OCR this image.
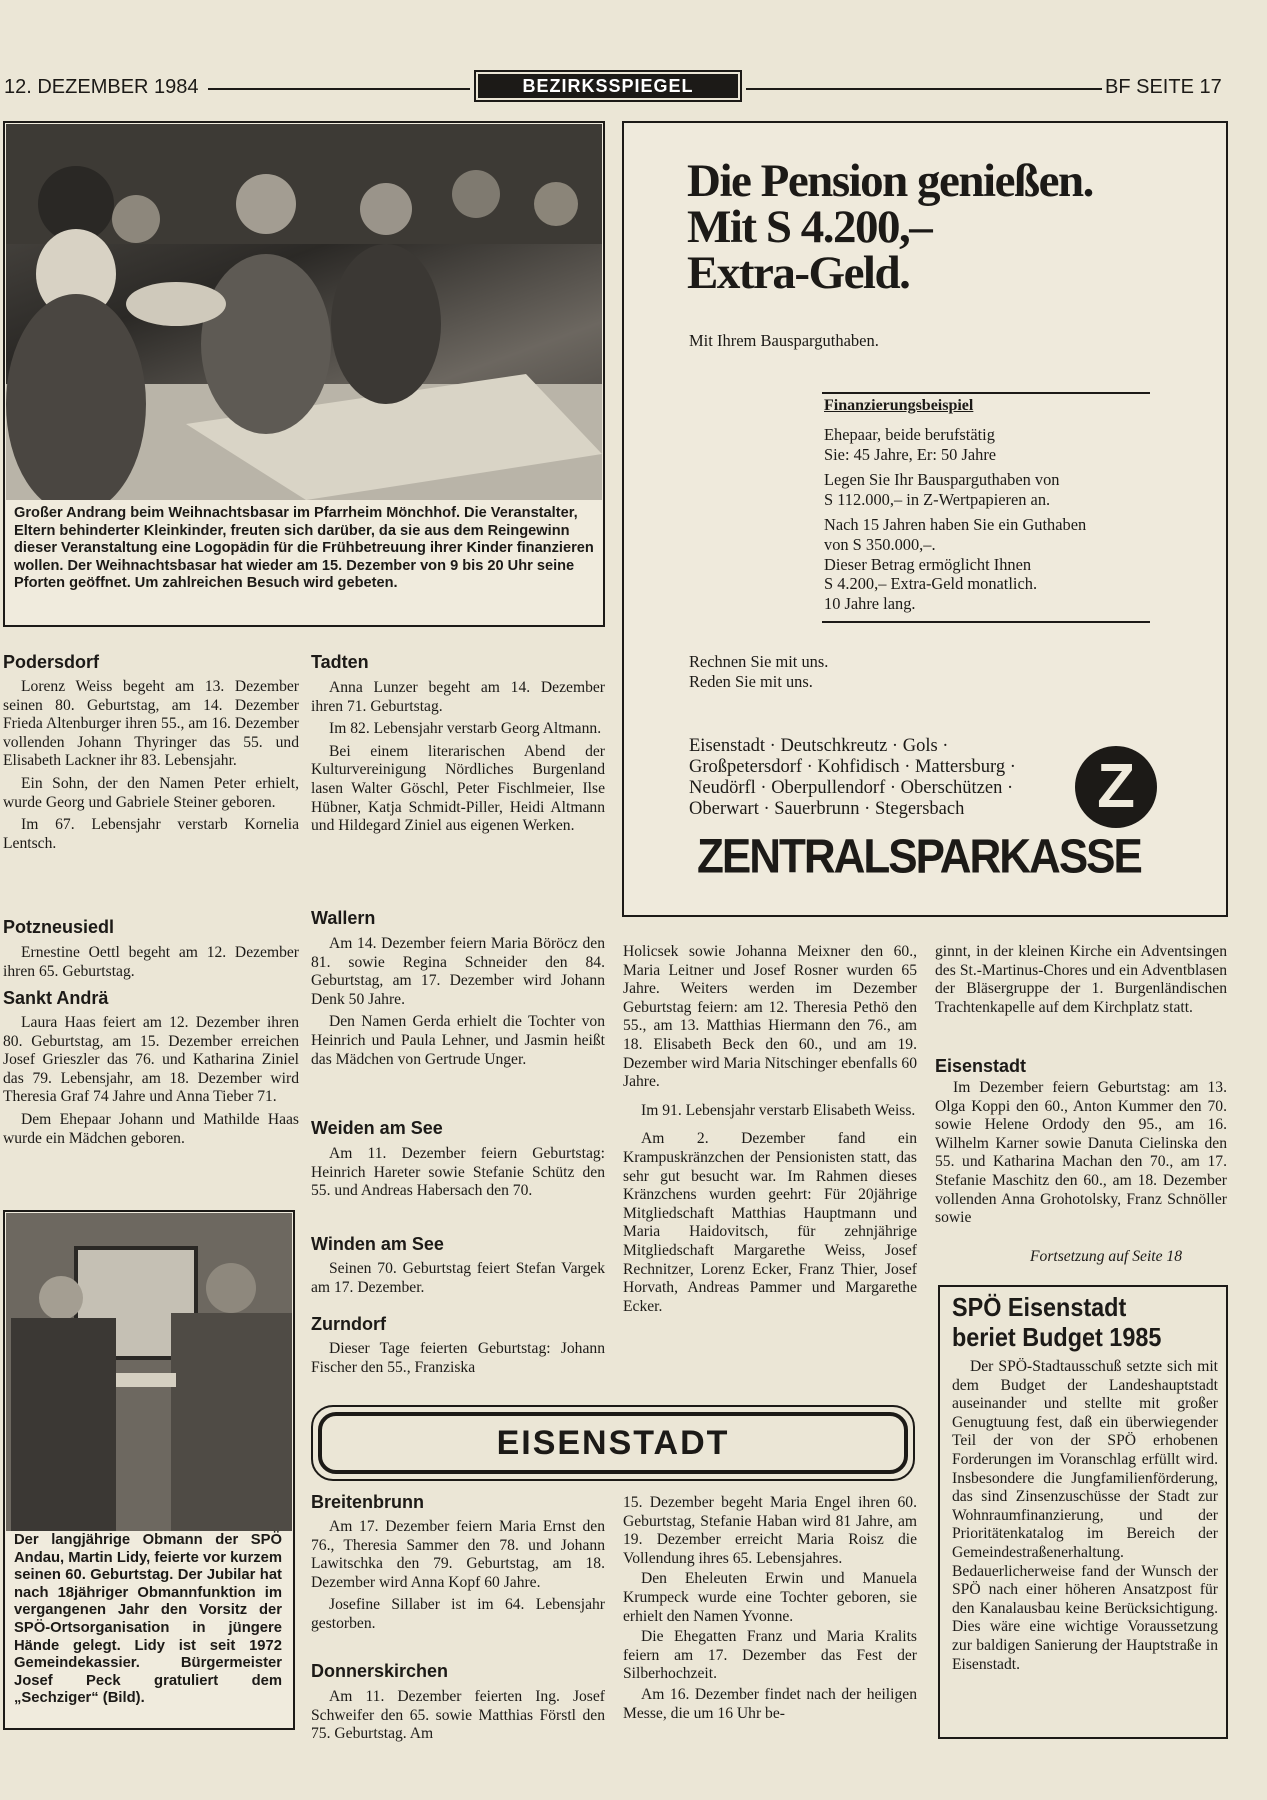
12. DEZEMBER 1984	BEZIRKSSPIEGEL	BF SEITE 17
Großer Andrang beim Weihnachtsbasar im Pfarrheim Mönchhof. Die Veranstalter, Eltern behinderter Kleinkinder, freuten sich darüber, da sie aus dem Reingewinn dieser Veranstaltung eine Logopädin für die Frühbetreuung ihrer Kinder finanzieren wollen. Der Weihnachtsbasar hat wieder am 15. Dezember von 9 bis 20 Uhr seine Pforten geöffnet. Um zahlreichen Besuch wird gebeten.
Die Pension genießen.
Mit S 4.200,–
Extra-Geld.
Mit Ihrem Bausparguthaben.
Finanzierungsbeispiel
Ehepaar, beide berufstätig
Sie: 45 Jahre, Er: 50 Jahre
Legen Sie Ihr Bausparguthaben von
S 112.000,– in Z-Wertpapieren an.
Nach 15 Jahren haben Sie ein Guthaben
von S 350.000,–.
Dieser Betrag ermöglicht Ihnen
S 4.200,– Extra-Geld monatlich.
10 Jahre lang.
Rechnen Sie mit uns.
Reden Sie mit uns.
Eisenstadt · Deutschkreutz · Gols ·
Großpetersdorf · Kohfidisch · Mattersburg ·
Neudörfl · Oberpullendorf · Oberschützen ·
Oberwart · Sauerbrunn · Stegersbach	Z
ZENTRALSPARKASSE
Podersdorf

Lorenz Weiss begeht am 13. Dezember seinen 80. Geburtstag, am 14. Dezember Frieda Altenburger ihren 55., am 16. Dezember vollenden Johann Thyringer das 55. und Elisabeth Lackner ihr 83. Lebensjahr.

Ein Sohn, der den Namen Peter erhielt, wurde Georg und Gabriele Steiner geboren.

Im 67. Lebensjahr verstarb Kornelia Lentsch.

Potzneusiedl

Ernestine Oettl begeht am 12. Dezember ihren 65. Geburtstag.

Sankt Andrä

Laura Haas feiert am 12. Dezember ihren 80. Geburtstag, am 15. Dezember erreichen Josef Grieszler das 76. und Katharina Ziniel das 79. Lebensjahr, am 18. Dezember wird Theresia Graf 74 Jahre und Anna Tieber 71.

Dem Ehepaar Johann und Mathilde Haas wurde ein Mädchen geboren.

Der langjährige Obmann der SPÖ Andau, Martin Lidy, feierte vor kurzem seinen 60. Geburtstag. Der Jubilar hat nach 18jähriger Obmannfunktion im vergangenen Jahr den Vorsitz der SPÖ-Ortsorganisation in jüngere Hände gelegt. Lidy ist seit 1972 Gemeindekassier. Bürgermeister Josef Peck gratuliert dem „Sechziger“ (Bild).
Tadten

Anna Lunzer begeht am 14. Dezember ihren 71. Geburtstag.

Im 82. Lebensjahr verstarb Georg Altmann.

Bei einem literarischen Abend der Kulturvereinigung Nördliches Burgenland lasen Walter Göschl, Peter Fischlmeier, Ilse Hübner, Katja Schmidt-Piller, Heidi Altmann und Hildegard Ziniel aus eigenen Werken.

Wallern

Am 14. Dezember feiern Maria Böröcz den 81. sowie Regina Schneider den 84. Geburtstag, am 17. Dezember wird Johann Denk 50 Jahre.

Den Namen Gerda erhielt die Tochter von Heinrich und Paula Lehner, und Jasmin heißt das Mädchen von Gertrude Unger.

Weiden am See

Am 11. Dezember feiern Geburtstag: Heinrich Hareter sowie Stefanie Schütz den 55. und Andreas Habersach den 70.

Winden am See

Seinen 70. Geburtstag feiert Stefan Vargek am 17. Dezember.

Zurndorf

Dieser Tage feierten Geburtstag: Johann Fischer den 55., Franziska

Holicsek sowie Johanna Meixner den 60., Maria Leitner und Josef Rosner wurden 65 Jahre. Weiters werden im Dezember Geburtstag feiern: am 12. Theresia Pethö den 55., am 13. Matthias Hiermann den 76., am 18. Elisabeth Beck den 60., und am 19. Dezember wird Maria Nitschinger ebenfalls 60 Jahre.

Im 91. Lebensjahr verstarb Elisabeth Weiss.

Am 2. Dezember fand ein Krampuskränzchen der Pensionisten statt, das sehr gut besucht war. Im Rahmen dieses Kränzchens wurden geehrt: Für 20jährige Mitgliedschaft Matthias Hauptmann und Maria Haidovitsch, für zehnjährige Mitgliedschaft Margarethe Weiss, Josef Rechnitzer, Lorenz Ecker, Franz Thier, Josef Horvath, Andreas Pammer und Margarethe Ecker.

ginnt, in der kleinen Kirche ein Adventsingen des St.-Martinus-Chores und ein Adventblasen der Bläsergruppe der 1. Burgenländischen Trachtenkapelle auf dem Kirchplatz statt.

Eisenstadt

Im Dezember feiern Geburtstag: am 13. Olga Koppi den 60., Anton Kummer den 70. sowie Helene Ordody den 95., am 16. Wilhelm Karner sowie Danuta Cielinska den 55. und Katharina Machan den 70., am 17. Stefanie Maschitz den 60., am 18. Dezember vollenden Anna Grohotolsky, Franz Schnöller sowie

Fortsetzung auf Seite 18
SPÖ Eisenstadt
beriet Budget 1985

Der SPÖ-Stadtausschuß setzte sich mit dem Budget der Landeshauptstadt auseinander und stellte mit großer Genugtuung fest, daß ein überwiegender Teil der von der SPÖ erhobenen Forderungen im Voranschlag erfüllt wird. Insbesondere die Jungfamilienförderung, das sind Zinsenzuschüsse der Stadt zur Wohnraumfinanzierung, und der Prioritätenkatalog im Bereich der Gemeindestraßenerhaltung. Bedauerlicherweise fand der Wunsch der SPÖ nach einer höheren Ansatzpost für den Kanalausbau keine Berücksichtigung. Dies wäre eine wichtige Voraussetzung zur baldigen Sanierung der Hauptstraße in Eisenstadt.

EISENSTADT
Breitenbrunn

Am 17. Dezember feiern Maria Ernst den 76., Theresia Sammer den 78. und Johann Lawitschka den 79. Geburtstag, am 18. Dezember wird Anna Kopf 60 Jahre.

Josefine Sillaber ist im 64. Lebensjahr gestorben.

Donnerskirchen

Am 11. Dezember feierten Ing. Josef Schweifer den 65. sowie Matthias Förstl den 75. Geburtstag. Am

15. Dezember begeht Maria Engel ihren 60. Geburtstag, Stefanie Haban wird 81 Jahre, am 19. Dezember erreicht Maria Roisz die Vollendung ihres 65. Lebensjahres.

Den Eheleuten Erwin und Manuela Krumpeck wurde eine Tochter geboren, sie erhielt den Namen Yvonne.

Die Ehegatten Franz und Maria Kralits feiern am 17. Dezember das Fest der Silberhochzeit.

Am 16. Dezember findet nach der heiligen Messe, die um 16 Uhr be-
